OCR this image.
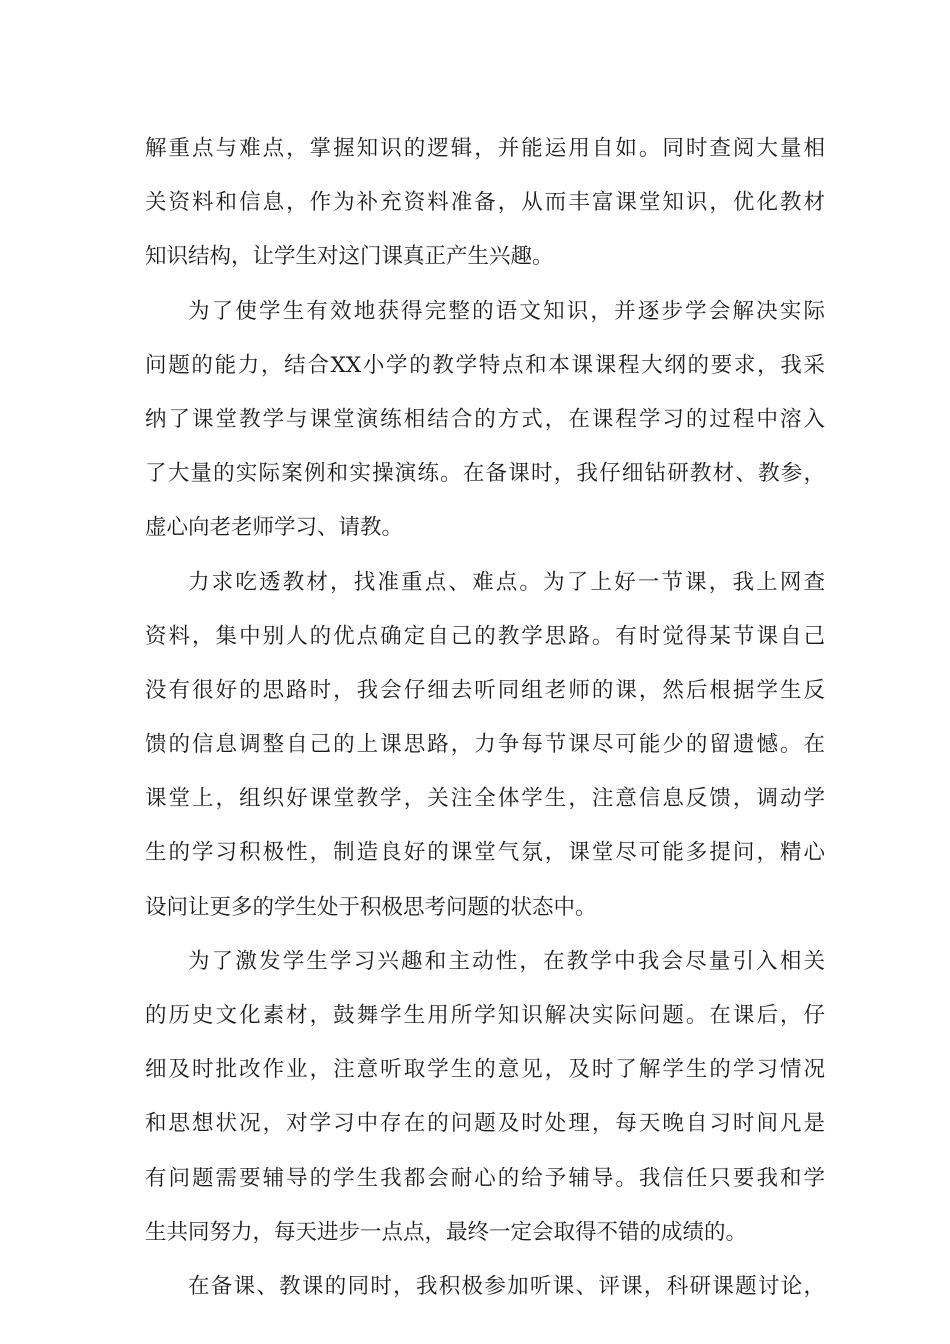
解重点与难点，掌握知识的逻辑，并能运用自如。同时查阅大量相
关资料和信息，作为补充资料准备，从而丰富课堂知识，优化教材
知识结构，让学生对这门课真正产生兴趣。
为了使学生有效地获得完整的语文知识，并逐步学会解决实际
问题的能力，结合XX小学的教学特点和本课课程大纲的要求，我采
纳了课堂教学与课堂演练相结合的方式，在课程学习的过程中溶入
了大量的实际案例和实操演练。在备课时，我仔细钻研教材、教参，
虚心向老老师学习、请教。
力求吃透教材，找准重点、难点。为了上好一节课，我上网查
资料，集中别人的优点确定自己的教学思路。有时觉得某节课自己
没有很好的思路时，我会仔细去听同组老师的课，然后根据学生反
馈的信息调整自己的上课思路，力争每节课尽可能少的留遗憾。在
课堂上，组织好课堂教学，关注全体学生，注意信息反馈，调动学
生的学习积极性，制造良好的课堂气氛，课堂尽可能多提问，精心
设问让更多的学生处于积极思考问题的状态中。
为了激发学生学习兴趣和主动性，在教学中我会尽量引入相关
的历史文化素材，鼓舞学生用所学知识解决实际问题。在课后，仔
细及时批改作业，注意听取学生的意见，及时了解学生的学习情况
和思想状况，对学习中存在的问题及时处理，每天晚自习时间凡是
有问题需要辅导的学生我都会耐心的给予辅导。我信任只要我和学
生共同努力，每天进步一点点，最终一定会取得不错的成绩的。
在备课、教课的同时，我积极参加听课、评课，科研课题讨论，
